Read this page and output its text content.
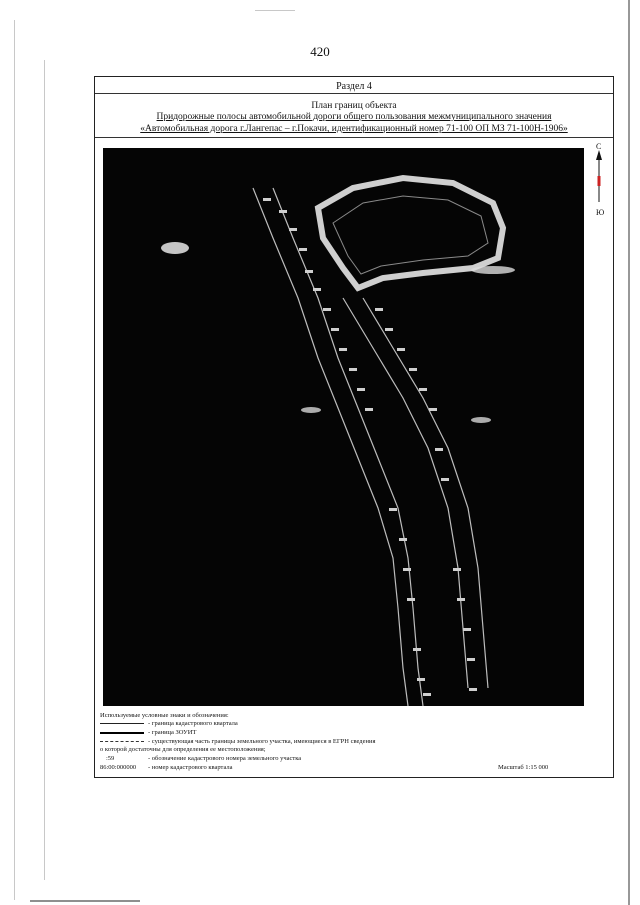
420
Раздел 4
План границ объекта
Придорожные полосы автомобильной дороги общего пользования межмуниципального значения
«Автомобильная дорога г.Лангепас – г.Покачи, идентификационный номер 71-100 ОП МЗ 71-100Н-1906»
С
Ю
Используемые условные знаки и обозначения:
- граница кадастрового квартала
- граница ЗОУИТ
- существующая часть границы земельного участка, имеющиеся в ЕГРН сведения
о которой достаточны для определения ее местоположения;
:59	- обозначение кадастрового номера земельного участка
86:00:000000 - номер кадастрового квартала	Масштаб 1:15 000
